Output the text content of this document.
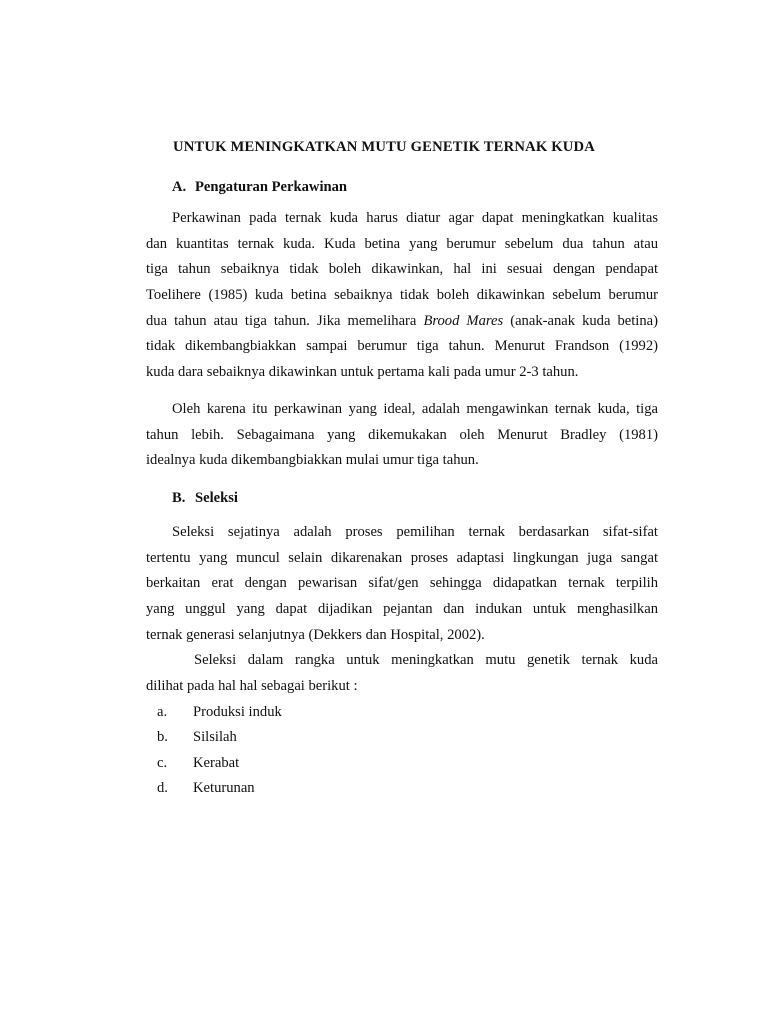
UNTUK MENINGKATKAN MUTU GENETIK TERNAK KUDA
A. Pengaturan Perkawinan
Perkawinan pada ternak kuda harus diatur agar dapat meningkatkan kualitas
dan kuantitas ternak kuda. Kuda betina yang berumur sebelum dua tahun atau
tiga tahun sebaiknya tidak boleh dikawinkan, hal ini sesuai dengan pendapat
Toelihere (1985) kuda betina sebaiknya tidak boleh dikawinkan sebelum berumur
dua tahun atau tiga tahun. Jika memelihara Brood Mares (anak-anak kuda betina)
tidak dikembangbiakkan sampai berumur tiga tahun. Menurut Frandson (1992)
kuda dara sebaiknya dikawinkan untuk pertama kali pada umur 2-3 tahun.
Oleh karena itu perkawinan yang ideal, adalah mengawinkan ternak kuda, tiga
tahun lebih. Sebagaimana yang dikemukakan oleh Menurut Bradley (1981)
idealnya kuda dikembangbiakkan mulai umur tiga tahun.
B. Seleksi
Seleksi sejatinya adalah proses pemilihan ternak berdasarkan sifat-sifat
tertentu yang muncul selain dikarenakan proses adaptasi lingkungan juga sangat
berkaitan erat dengan pewarisan sifat/gen sehingga didapatkan ternak terpilih
yang unggul yang dapat dijadikan pejantan dan indukan untuk menghasilkan
ternak generasi selanjutnya (Dekkers dan Hospital, 2002).
Seleksi dalam rangka untuk meningkatkan mutu genetik ternak kuda
dilihat pada hal hal sebagai berikut :
a. Produksi induk
b. Silsilah
c. Kerabat
d. Keturunan
